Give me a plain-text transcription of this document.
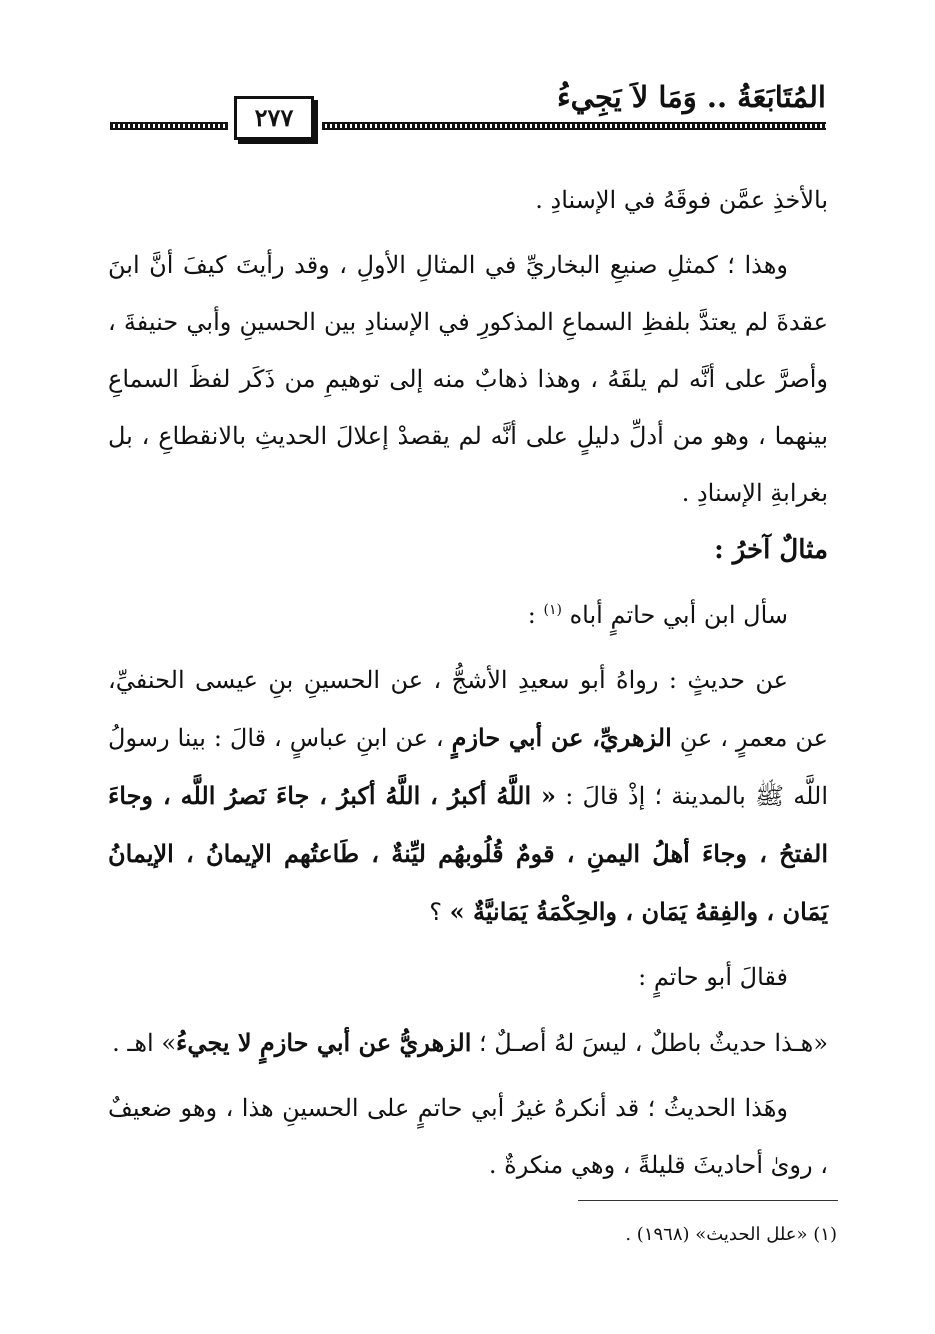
المُتَابَعَةُ .. وَمَا لاَ يَجِيءُ
٢٧٧

بالأخذِ عمَّن فوقَهُ في الإسنادِ .

وهذا ؛ كمثلِ صنيعِ البخاريِّ في المثالِ الأولِ ، وقد رأيتَ كيفَ أنَّ ابنَ عقدةَ لم يعتدَّ بلفظِ السماعِ المذكورِ في الإسنادِ بين الحسينِ وأبي حنيفةَ ، وأصرَّ على أنَّه لم يلقَهُ ، وهذا ذهابٌ منه إلى توهيمِ من ذَكَر لفظَ السماعِ بينهما ، وهو من أدلِّ دليلٍ على أنَّه لم يقصدْ إعلالَ الحديثِ بالانقطاعِ ، بل بغرابةِ الإسنادِ .

مثالٌ آخرُ :

سأل ابن أبي حاتمٍ أباه $^{(١)}$ :

عن حديثٍ : رواهُ أبو سعيدِ الأشجُّ ، عن الحسينِ بنِ عيسى الحنفيِّ، عن معمرٍ ، عنِ الزهريِّ، عن أبي حازمٍ ، عن ابنِ عباسٍ ، قالَ : بينا رسولُ اللَّه ﷺ بالمدينة ؛ إذْ قالَ : « اللَّهُ أكبرُ ، اللَّهُ أكبرُ ، جاءَ نَصرُ اللَّه ، وجاءَ الفتحُ ، وجاءَ أهلُ اليمنِ ، قومٌ قُلُوبهُم ليِّنةٌ ، طَاعتُهم الإيمانُ ، الإيمانُ يَمَان ، والفِقهُ يَمَان ، والحِكْمَةُ يَمَانيَّةٌ » ؟

فقالَ أبو حاتمٍ :

«هـذا حديثٌ باطلٌ ، ليسَ لهُ أصـلٌ ؛ الزهريُّ عن أبي حازمٍ لا يجيءُ» اهـ .

وهَذا الحديثُ ؛ قد أنكرهُ غيرُ أبي حاتمٍ على الحسينِ هذا ، وهو ضعيفٌ ، روىٰ أحاديثَ قليلةً ، وهي منكرةٌ .

(١) «علل الحديث» (١٩٦٨) .
